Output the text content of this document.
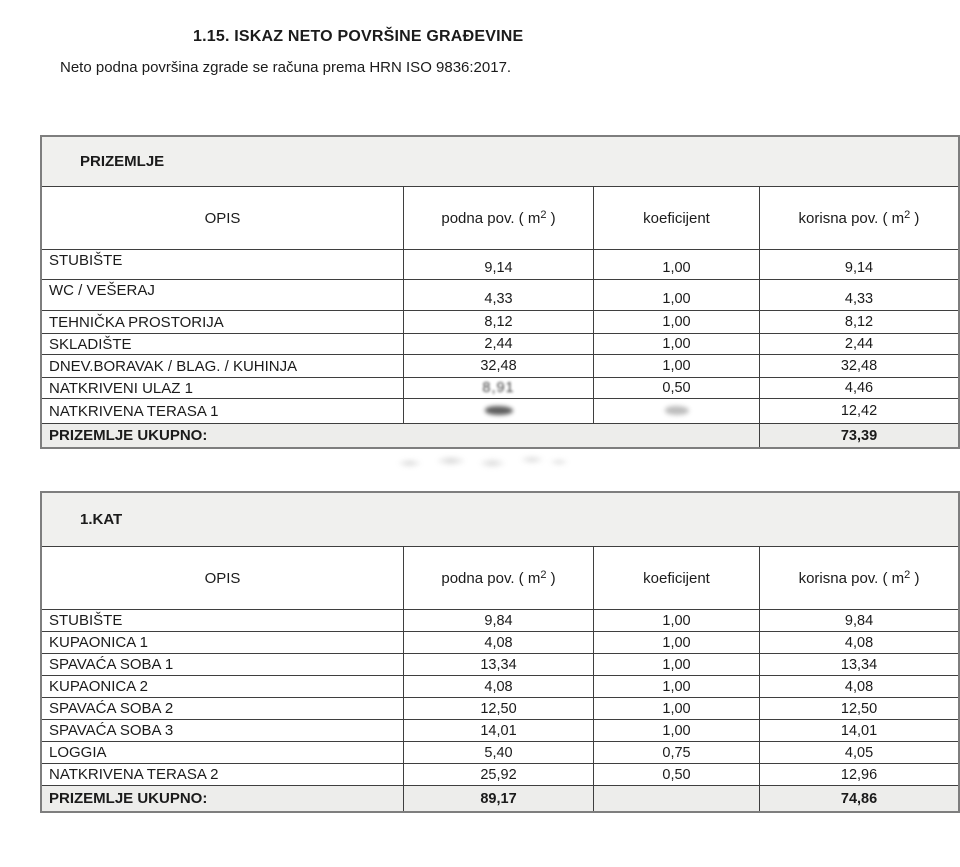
1.15. ISKAZ NETO POVRŠINE GRAĐEVINE
Neto podna površina zgrade se računa prema HRN ISO 9836:2017.
PRIZEMLJE			
OPIS	podna pov. ( $m^2$ )	koeficijent	korisna pov. ( $m^2$ )
STUBIŠTE	9,14	1,00	9,14
WC / VEŠERAJ	4,33	1,00	4,33
TEHNIČKA PROSTORIJA	8,12	1,00	8,12
SKLADIŠTE	2,44	1,00	2,44
DNEV.BORAVAK / BLAG. / KUHINJA	32,48	1,00	32,48
NATKRIVENI ULAZ 1	8,91	0,50	4,46
NATKRIVENA TERASA 1			12,42
PRIZEMLJE UKUPNO:			73,39
1.KAT			
OPIS	podna pov. ( $m^2$ )	koeficijent	korisna pov. ( $m^2$ )
STUBIŠTE	9,84	1,00	9,84
KUPAONICA 1	4,08	1,00	4,08
SPAVAĆA SOBA 1	13,34	1,00	13,34
KUPAONICA 2	4,08	1,00	4,08
SPAVAĆA SOBA 2	12,50	1,00	12,50
SPAVAĆA SOBA 3	14,01	1,00	14,01
LOGGIA	5,40	0,75	4,05
NATKRIVENA TERASA 2	25,92	0,50	12,96
PRIZEMLJE UKUPNO:	89,17		74,86
